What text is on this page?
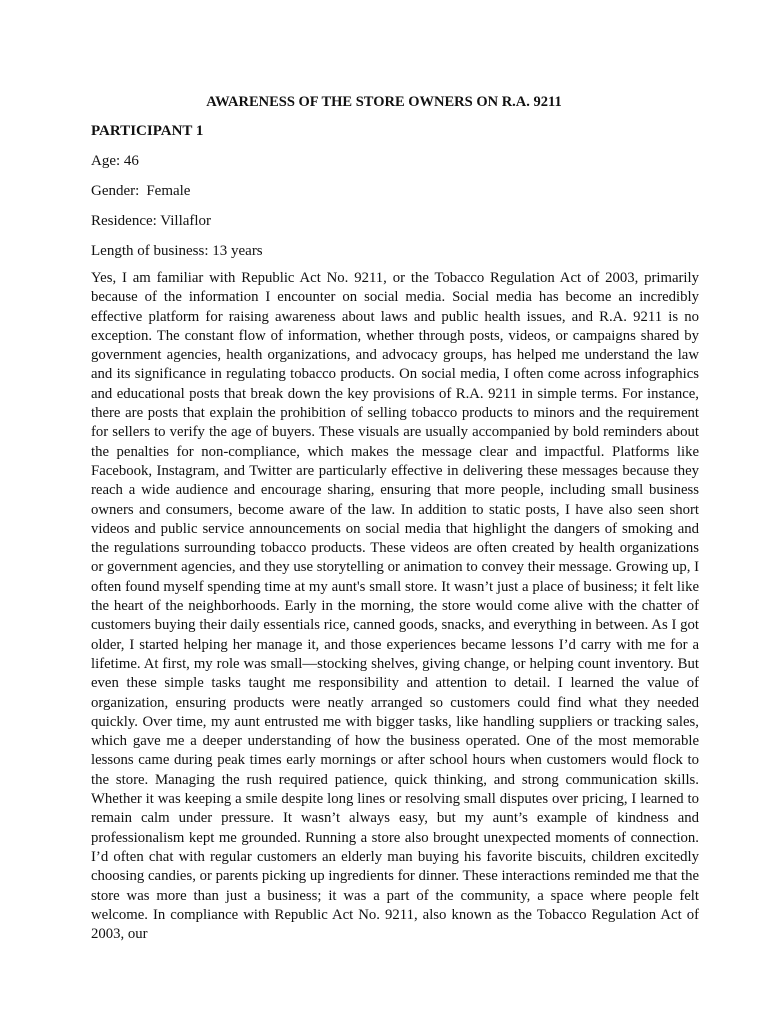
AWARENESS OF THE STORE OWNERS ON R.A. 9211

PARTICIPANT 1

Age: 46

Gender: Female

Residence: Villaflor

Length of business: 13 years

Yes, I am familiar with Republic Act No. 9211, or the Tobacco Regulation Act of 2003, primarily because of the information I encounter on social media. Social media has become an incredibly effective platform for raising awareness about laws and public health issues, and R.A. 9211 is no exception. The constant flow of information, whether through posts, videos, or campaigns shared by government agencies, health organizations, and advocacy groups, has helped me understand the law and its significance in regulating tobacco products. On social media, I often come across infographics and educational posts that break down the key provisions of R.A. 9211 in simple terms. For instance, there are posts that explain the prohibition of selling tobacco products to minors and the requirement for sellers to verify the age of buyers. These visuals are usually accompanied by bold reminders about the penalties for non-compliance, which makes the message clear and impactful. Platforms like Facebook, Instagram, and Twitter are particularly effective in delivering these messages because they reach a wide audience and encourage sharing, ensuring that more people, including small business owners and consumers, become aware of the law. In addition to static posts, I have also seen short videos and public service announcements on social media that highlight the dangers of smoking and the regulations surrounding tobacco products. These videos are often created by health organizations or government agencies, and they use storytelling or animation to convey their message. Growing up, I often found myself spending time at my aunt's small store. It wasn’t just a place of business; it felt like the heart of the neighborhoods. Early in the morning, the store would come alive with the chatter of customers buying their daily essentials rice, canned goods, snacks, and everything in between. As I got older, I started helping her manage it, and those experiences became lessons I’d carry with me for a lifetime. At first, my role was small—stocking shelves, giving change, or helping count inventory. But even these simple tasks taught me responsibility and attention to detail. I learned the value of organization, ensuring products were neatly arranged so customers could find what they needed quickly. Over time, my aunt entrusted me with bigger tasks, like handling suppliers or tracking sales, which gave me a deeper understanding of how the business operated. One of the most memorable lessons came during peak times early mornings or after school hours when customers would flock to the store. Managing the rush required patience, quick thinking, and strong communication skills. Whether it was keeping a smile despite long lines or resolving small disputes over pricing, I learned to remain calm under pressure. It wasn’t always easy, but my aunt’s example of kindness and professionalism kept me grounded. Running a store also brought unexpected moments of connection. I’d often chat with regular customers an elderly man buying his favorite biscuits, children excitedly choosing candies, or parents picking up ingredients for dinner. These interactions reminded me that the store was more than just a business; it was a part of the community, a space where people felt welcome. In compliance with Republic Act No. 9211, also known as the Tobacco Regulation Act of 2003, our
